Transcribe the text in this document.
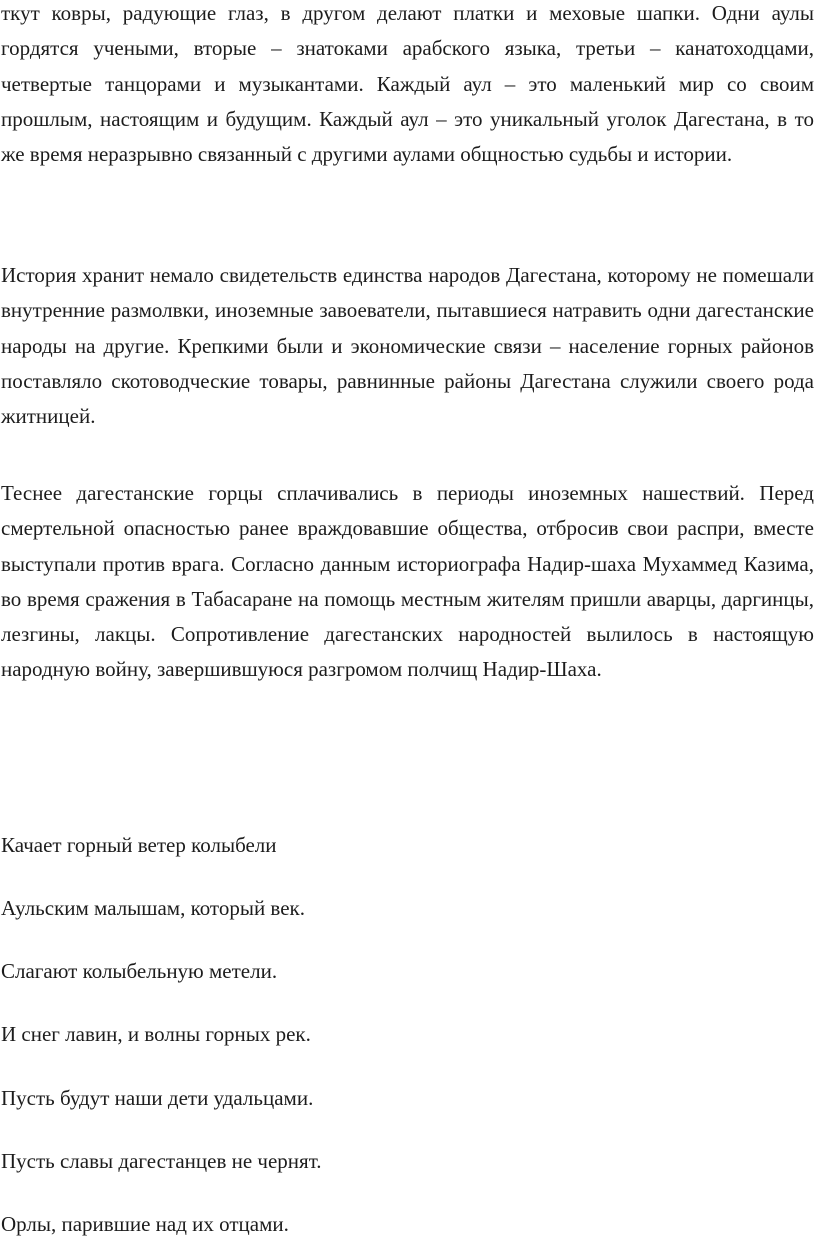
ткут ковры, радующие глаз, в другом делают платки и меховые шапки. Одни аулы гордятся учеными, вторые – знатоками арабского языка, третьи – канатоходцами, четвертые танцорами и музыкантами. Каждый аул – это маленький мир со своим прошлым, настоящим и будущим. Каждый аул – это уникальный уголок Дагестана, в то же время неразрывно связанный с другими аулами общностью судьбы и истории.

История хранит немало свидетельств единства народов Дагестана, которому не помешали внутренние размолвки, иноземные завоеватели, пытавшиеся натравить одни дагестанские народы на другие. Крепкими были и экономические связи – население горных районов поставляло скотоводческие товары, равнинные районы Дагестана служили своего рода житницей.

Теснее дагестанские горцы сплачивались в периоды иноземных нашествий. Перед смертельной опасностью ранее враждовавшие общества, отбросив свои распри, вместе выступали против врага. Согласно данным историографа Надир-шаха Мухаммед Казима, во время сражения в Табасаране на помощь местным жителям пришли аварцы, даргинцы, лезгины, лакцы. Сопротивление дагестанских народностей вылилось в настоящую народную войну, завершившуюся разгромом полчищ Надир-Шаха.

Качает горный ветер колыбели

Аульским малышам, который век.

Слагают колыбельную метели.

И снег лавин, и волны горных рек.

Пусть будут наши дети удальцами.

Пусть славы дагестанцев не чернят.

Орлы, парившие над их отцами.
